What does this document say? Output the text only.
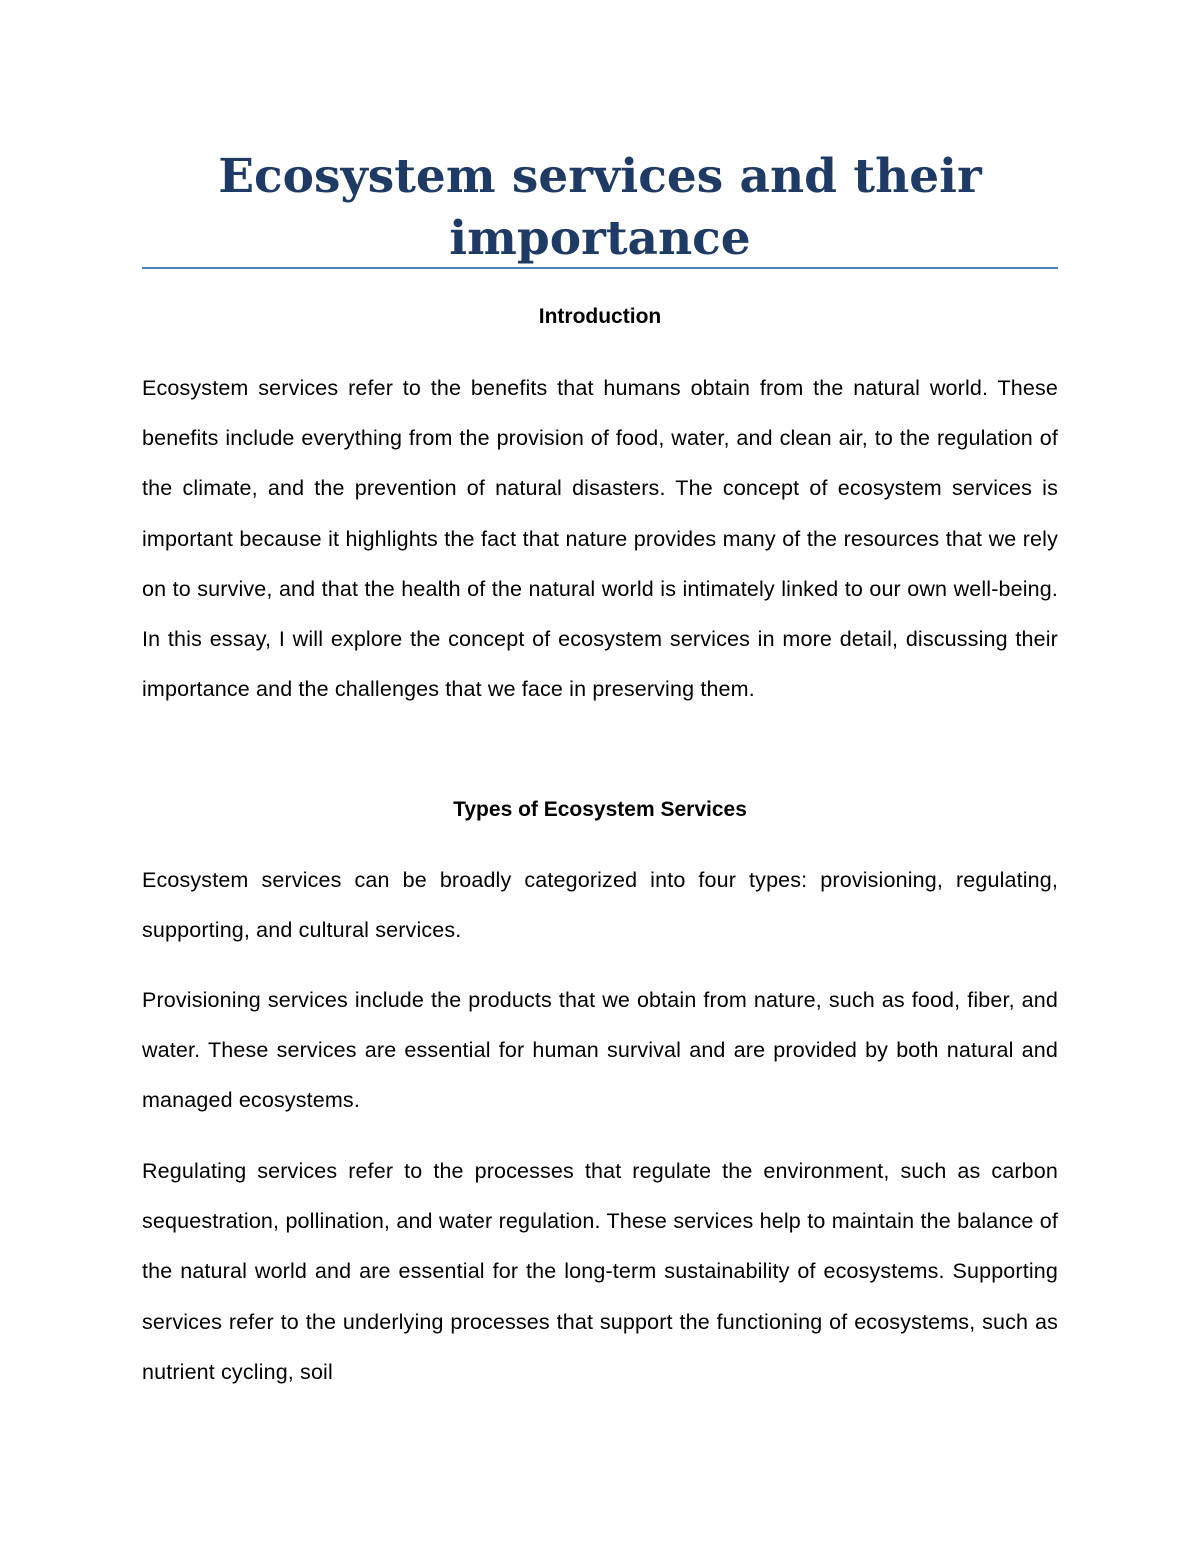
Ecosystem services and their
importance
Introduction

Ecosystem services refer to the benefits that humans obtain from the natural world. These benefits include everything from the provision of food, water, and clean air, to the regulation of the climate, and the prevention of natural disasters. The concept of ecosystem services is important because it highlights the fact that nature provides many of the resources that we rely on to survive, and that the health of the natural world is intimately linked to our own well-being. In this essay, I will explore the concept of ecosystem services in more detail, discussing their importance and the challenges that we face in preserving them.

Types of Ecosystem Services

Ecosystem services can be broadly categorized into four types: provisioning, regulating, supporting, and cultural services.

Provisioning services include the products that we obtain from nature, such as food, fiber, and water. These services are essential for human survival and are provided by both natural and managed ecosystems.

Regulating services refer to the processes that regulate the environment, such as carbon sequestration, pollination, and water regulation. These services help to maintain the balance of the natural world and are essential for the long-term sustainability of ecosystems. Supporting services refer to the underlying processes that support the functioning of ecosystems, such as nutrient cycling, soil
